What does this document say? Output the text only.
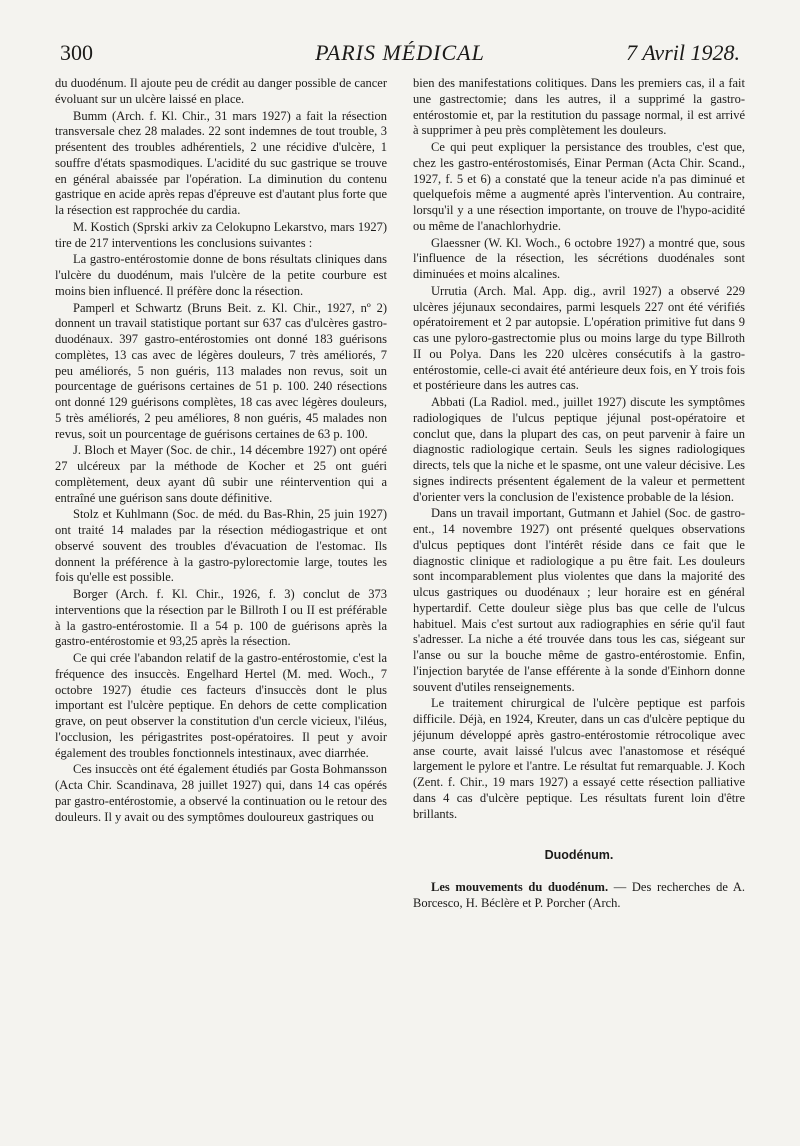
300	PARIS MÉDICAL	7 Avril 1928.

du duodénum. Il ajoute peu de crédit au danger possible de cancer évoluant sur un ulcère laissé en place.

Bumm (Arch. f. Kl. Chir., 31 mars 1927) a fait la résection transversale chez 28 malades. 22 sont indemnes de tout trouble, 3 présentent des troubles adhérentiels, 2 une récidive d'ulcère, 1 souffre d'états spasmodiques. L'acidité du suc gastrique se trouve en général abaissée par l'opération. La diminution du contenu gastrique en acide après repas d'épreuve est d'autant plus forte que la résection est rapprochée du cardia.

M. Kostich (Sprski arkiv za Celokupno Lekarstvo, mars 1927) tire de 217 interventions les conclusions suivantes :

La gastro-entérostomie donne de bons résultats cliniques dans l'ulcère du duodénum, mais l'ulcère de la petite courbure est moins bien influencé. Il préfère donc la résection.

Pamperl et Schwartz (Bruns Beit. z. Kl. Chir., 1927, nº 2) donnent un travail statistique portant sur 637 cas d'ulcères gastro-duodénaux. 397 gastro-entérostomies ont donné 183 guérisons complètes, 13 cas avec de légères douleurs, 7 très améliorés, 7 peu améliorés, 5 non guéris, 113 malades non revus, soit un pourcentage de guérisons certaines de 51 p. 100. 240 résections ont donné 129 guérisons complètes, 18 cas avec légères douleurs, 5 très améliorés, 2 peu améliores, 8 non guéris, 45 malades non revus, soit un pourcentage de guérisons certaines de 63 p. 100.

J. Bloch et Mayer (Soc. de chir., 14 décembre 1927) ont opéré 27 ulcéreux par la méthode de Kocher et 25 ont guéri complètement, deux ayant dû subir une réintervention qui a entraîné une guérison sans doute définitive.

Stolz et Kuhlmann (Soc. de méd. du Bas-Rhin, 25 juin 1927) ont traité 14 malades par la résection médiogastrique et ont observé souvent des troubles d'évacuation de l'estomac. Ils donnent la préférence à la gastro-pylorectomie large, toutes les fois qu'elle est possible.

Borger (Arch. f. Kl. Chir., 1926, f. 3) conclut de 373 interventions que la résection par le Billroth I ou II est préférable à la gastro-entérostomie. Il a 54 p. 100 de guérisons après la gastro-entérostomie et 93,25 après la résection.

Ce qui crée l'abandon relatif de la gastro-entérostomie, c'est la fréquence des insuccès. Engelhard Hertel (M. med. Woch., 7 octobre 1927) étudie ces facteurs d'insuccès dont le plus important est l'ulcère peptique. En dehors de cette complication grave, on peut observer la constitution d'un cercle vicieux, l'iléus, l'occlusion, les périgastrites post-opératoires. Il peut y avoir également des troubles fonctionnels intestinaux, avec diarrhée.

Ces insuccès ont été également étudiés par Gosta Bohmansson (Acta Chir. Scandinava, 28 juillet 1927) qui, dans 14 cas opérés par gastro-entérostomie, a observé la continuation ou le retour des douleurs. Il y avait ou des symptômes douloureux gastriques ou

bien des manifestations colitiques. Dans les premiers cas, il a fait une gastrectomie; dans les autres, il a supprimé la gastro-entérostomie et, par la restitution du passage normal, il est arrivé à supprimer à peu près complètement les douleurs.

Ce qui peut expliquer la persistance des troubles, c'est que, chez les gastro-entérostomisés, Einar Perman (Acta Chir. Scand., 1927, f. 5 et 6) a constaté que la teneur acide n'a pas diminué et quelquefois même a augmenté après l'intervention. Au contraire, lorsqu'il y a une résection importante, on trouve de l'hypo-acidité ou même de l'anachlorhydrie.

Glaessner (W. Kl. Woch., 6 octobre 1927) a montré que, sous l'influence de la résection, les sécrétions duodénales sont diminuées et moins alcalines.

Urrutia (Arch. Mal. App. dig., avril 1927) a observé 229 ulcères jéjunaux secondaires, parmi lesquels 227 ont été vérifiés opératoirement et 2 par autopsie. L'opération primitive fut dans 9 cas une pyloro-gastrectomie plus ou moins large du type Billroth II ou Polya. Dans les 220 ulcères consécutifs à la gastro-entérostomie, celle-ci avait été antérieure deux fois, en Y trois fois et postérieure dans les autres cas.

Abbati (La Radiol. med., juillet 1927) discute les symptômes radiologiques de l'ulcus peptique jéjunal post-opératoire et conclut que, dans la plupart des cas, on peut parvenir à faire un diagnostic radiologique certain. Seuls les signes radiologiques directs, tels que la niche et le spasme, ont une valeur décisive. Les signes indirects présentent également de la valeur et permettent d'orienter vers la conclusion de l'existence probable de la lésion.

Dans un travail important, Gutmann et Jahiel (Soc. de gastro-ent., 14 novembre 1927) ont présenté quelques observations d'ulcus peptiques dont l'intérêt réside dans ce fait que le diagnostic clinique et radiologique a pu être fait. Les douleurs sont incomparablement plus violentes que dans la majorité des ulcus gastriques ou duodénaux ; leur horaire est en général hypertardif. Cette douleur siège plus bas que celle de l'ulcus habituel. Mais c'est surtout aux radiographies en série qu'il faut s'adresser. La niche a été trouvée dans tous les cas, siégeant sur l'anse ou sur la bouche même de gastro-entérostomie. Enfin, l'injection barytée de l'anse efférente à la sonde d'Einhorn donne souvent d'utiles renseignements.

Le traitement chirurgical de l'ulcère peptique est parfois difficile. Déjà, en 1924, Kreuter, dans un cas d'ulcère peptique du jéjunum développé après gastro-entérostomie rétrocolique avec anse courte, avait laissé l'ulcus avec l'anastomose et réséqué largement le pylore et l'antre. Le résultat fut remarquable. J. Koch (Zent. f. Chir., 19 mars 1927) a essayé cette résection palliative dans 4 cas d'ulcère peptique. Les résultats furent loin d'être brillants.

Duodénum.

Les mouvements du duodénum. — Des recherches de A. Borcesco, H. Béclère et P. Porcher (Arch.
